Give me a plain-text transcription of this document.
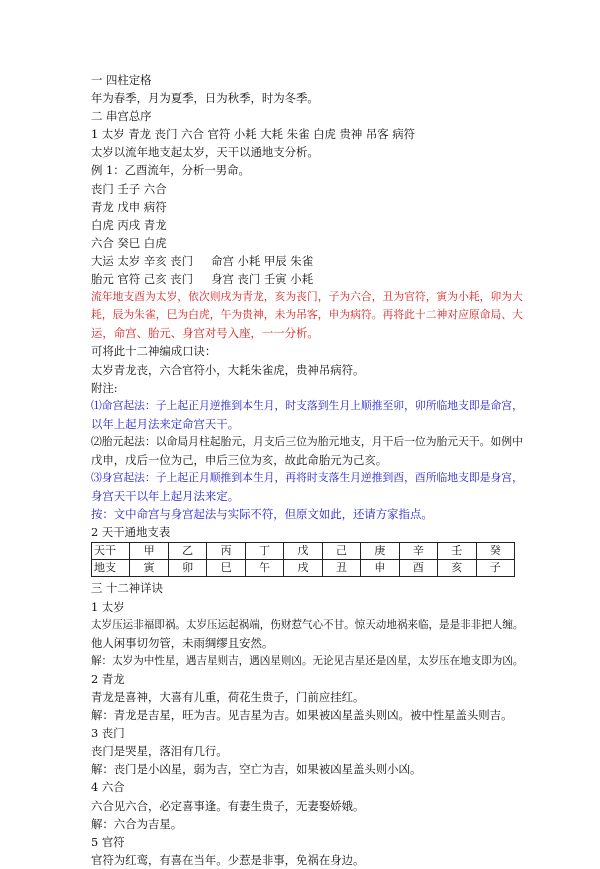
一 四柱定格
年为春季，月为夏季，日为秋季，时为冬季。
二 串宫总序
1 太岁 青龙 丧门 六合 官符 小耗 大耗 朱雀 白虎 贵神 吊客 病符
太岁以流年地支起太岁，天干以通地支分析。
例 1：乙酉流年，分析一男命。
丧门 壬子 六合
青龙 戊申 病符
白虎 丙戌 青龙
六合 癸巳 白虎
大运 太岁 辛亥 丧门     命宫 小耗 甲辰 朱雀
胎元 官符 己亥 丧门     身宫 丧门 壬寅 小耗
流年地支酉为太岁，依次则戌为青龙，亥为丧门，子为六合，丑为官符，寅为小耗，卯为大
耗，辰为朱雀，巳为白虎，午为贵神，未为吊客，申为病符。再将此十二神对应原命局、大
运，命宫、胎元、身宫对号入座，一一分析。
可将此十二神编成口诀：
太岁青龙丧，六合官符小，大耗朱雀虎，贵神吊病符。
附注:
⑴命宫起法：子上起正月逆推到本生月，时支落到生月上顺推至卯，卯所临地支即是命宫，
以年上起月法来定命宫天干。
⑵胎元起法：以命局月柱起胎元，月支后三位为胎元地支，月干后一位为胎元天干。如例中
戊申，戊后一位为己，申后三位为亥，故此命胎元为己亥。
⑶身宫起法：子上起正月顺推到本生月，再将时支落生月逆推到酉，酉所临地支即是身宫，
身宫天干以年上起月法来定。
按：文中命宫与身宫起法与实际不符，但原文如此，还请方家指点。
2 天干通地支表
天干	甲	乙	丙	丁	戊	己	庚	辛	壬	癸
地支	寅	卯	巳	午	戌	丑	申	酉	亥	子
三 十二神详诀
1 太岁
太岁压运非福即祸。太岁压运起祸端，伤财惹气心不甘。惊天动地祸来临，是是非非把人缠。
他人闲事切勿管，未雨绸缪且安然。
解：太岁为中性星，遇吉星则吉，遇凶星则凶。无论见吉星还是凶星，太岁压在地支即为凶。
2 青龙
青龙是喜神，大喜有儿重，荷花生贵子，门前应挂红。
解：青龙是吉星，旺为吉。见吉星为吉。如果被凶星盖头则凶。被中性星盖头则吉。
3 丧门
丧门是哭星，落泪有几行。
解：丧门是小凶星，弱为吉，空亡为吉，如果被凶星盖头则小凶。
4 六合
六合见六合，必定喜事逢。有妻生贵子，无妻娶娇娥。
解：六合为吉星。
5 官符
官符为红鸾，有喜在当年。少惹是非事，免祸在身边。
